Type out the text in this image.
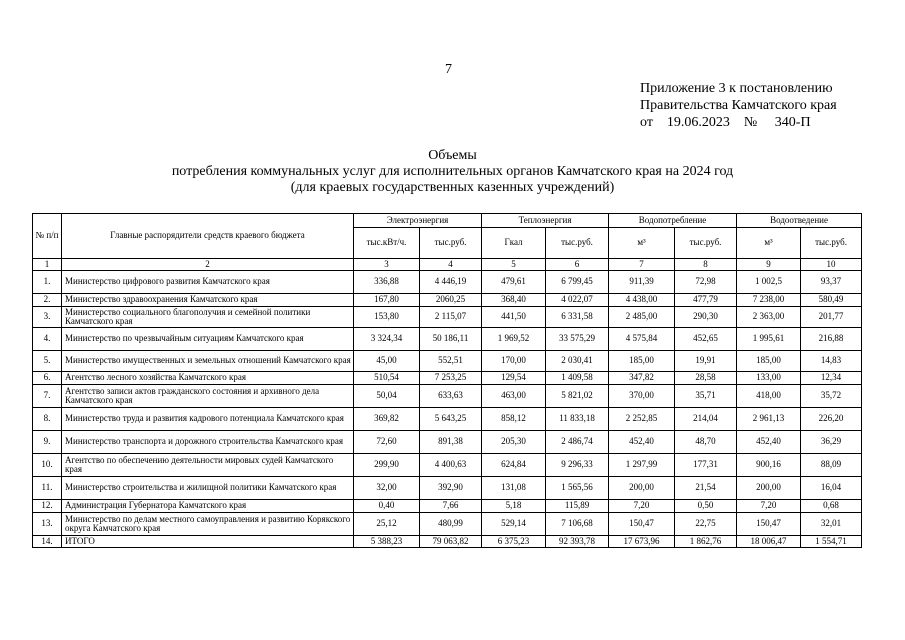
7
Приложение 3 к постановлению
Правительства Камчатского края
от    19.06.2023    №     340-П
Объемы
потребления коммунальных услуг для исполнительных органов Камчатского края на 2024 год
(для краевых государственных казенных учреждений)
№ п/п	Главные распорядители средств краевого бюджета	Электроэнергия		Теплоэнергия		Водопотребление		Водоотведение	
		тыс.кВт/ч.	тыс.руб.	Гкал	тыс.руб.	м³	тыс.руб.	м³	тыс.руб.
1	2	3	4	5	6	7	8	9	10
1.	Министерство цифрового развития Камчатского края	336,88	4 446,19	479,61	6 799,45	911,39	72,98	1 002,5	93,37
2.	Министерство здравоохранения Камчатского края	167,80	2060,25	368,40	4 022,07	4 438,00	477,79	7 238,00	580,49
3.	Министерство социального благополучия и семейной политики Камчатского края	153,80	2 115,07	441,50	6 331,58	2 485,00	290,30	2 363,00	201,77
4.	Министерство по чрезвычайным ситуациям Камчатского края	3 324,34	50 186,11	1 969,52	33 575,29	4 575,84	452,65	1 995,61	216,88
5.	Министерство имущественных и земельных отношений Камчатского края	45,00	552,51	170,00	2 030,41	185,00	19,91	185,00	14,83
6.	Агентство лесного хозяйства Камчатского края	510,54	7 253,25	129,54	1 409,58	347,82	28,58	133,00	12,34
7.	Агентство записи актов гражданского состояния и архивного дела Камчатского края	50,04	633,63	463,00	5 821,02	370,00	35,71	418,00	35,72
8.	Министерство труда и развития кадрового потенциала Камчатского края	369,82	5 643,25	858,12	11 833,18	2 252,85	214,04	2 961,13	226,20
9.	Министерство транспорта и дорожного строительства Камчатского края	72,60	891,38	205,30	2 486,74	452,40	48,70	452,40	36,29
10.	Агентство по обеспечению деятельности мировых судей Камчатского края	299,90	4 400,63	624,84	9 296,33	1 297,99	177,31	900,16	88,09
11.	Министерство строительства и жилищной политики Камчатского края	32,00	392,90	131,08	1 565,56	200,00	21,54	200,00	16,04
12.	Администрация Губернатора Камчатского края	0,40	7,66	5,18	115,89	7,20	0,50	7,20	0,68
13.	Министерство по делам местного самоуправления и развитию Корякского округа Камчатского края	25,12	480,99	529,14	7 106,68	150,47	22,75	150,47	32,01
14.	ИТОГО	5 388,23	79 063,82	6 375,23	92 393,78	17 673,96	1 862,76	18 006,47	1 554,71
